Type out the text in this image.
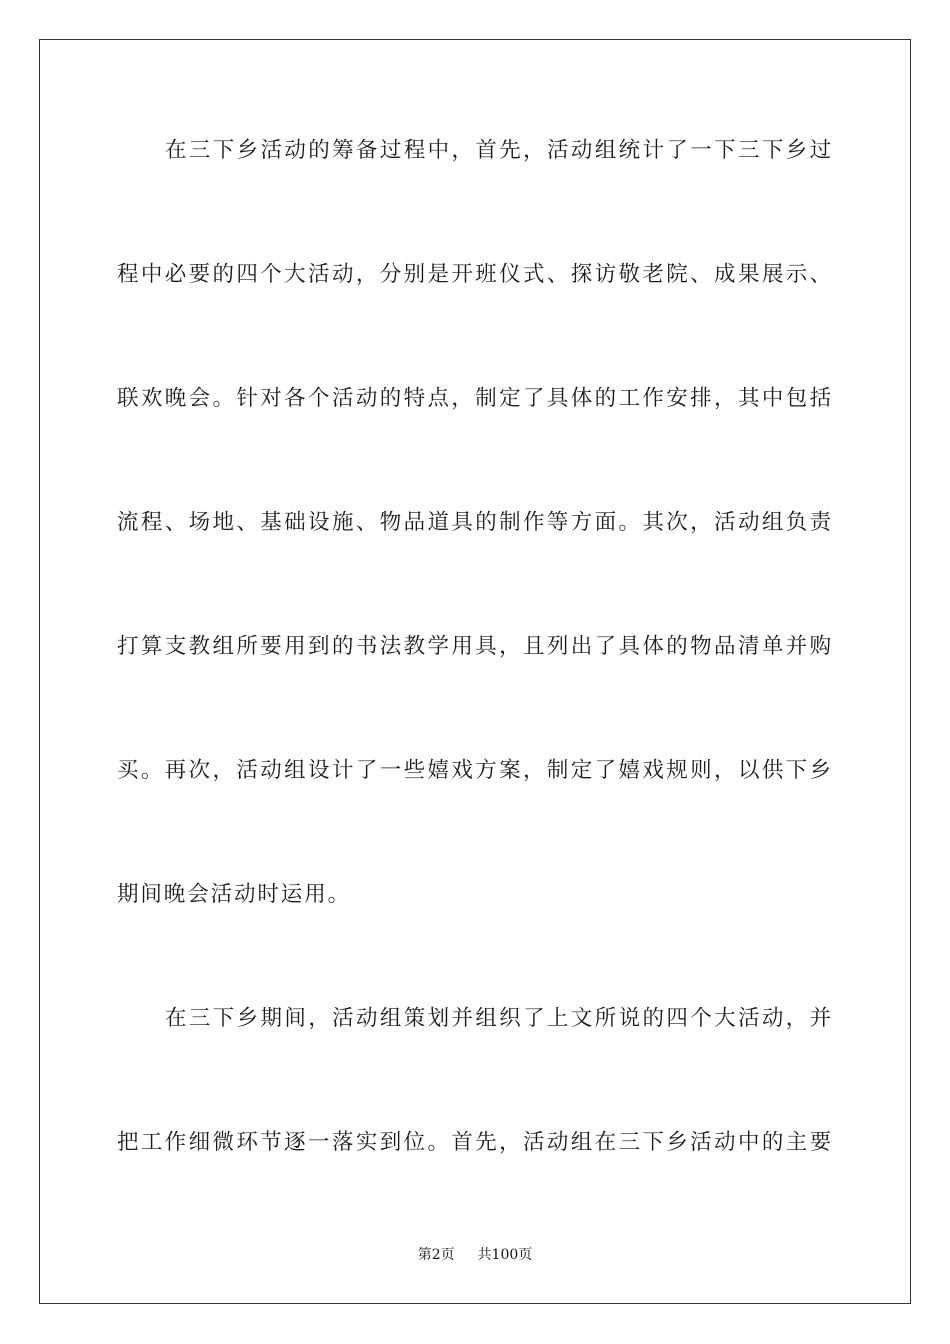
在三下乡活动的筹备过程中，首先，活动组统计了一下三下乡过
程中必要的四个大活动，分别是开班仪式、探访敬老院、成果展示、
联欢晚会。针对各个活动的特点，制定了具体的工作安排，其中包括
流程、场地、基础设施、物品道具的制作等方面。其次，活动组负责
打算支教组所要用到的书法教学用具，且列出了具体的物品清单并购
买。再次，活动组设计了一些嬉戏方案，制定了嬉戏规则，以供下乡
期间晚会活动时运用。
在三下乡期间，活动组策划并组织了上文所说的四个大活动，并
把工作细微环节逐一落实到位。首先，活动组在三下乡活动中的主要
第2页 共100页
